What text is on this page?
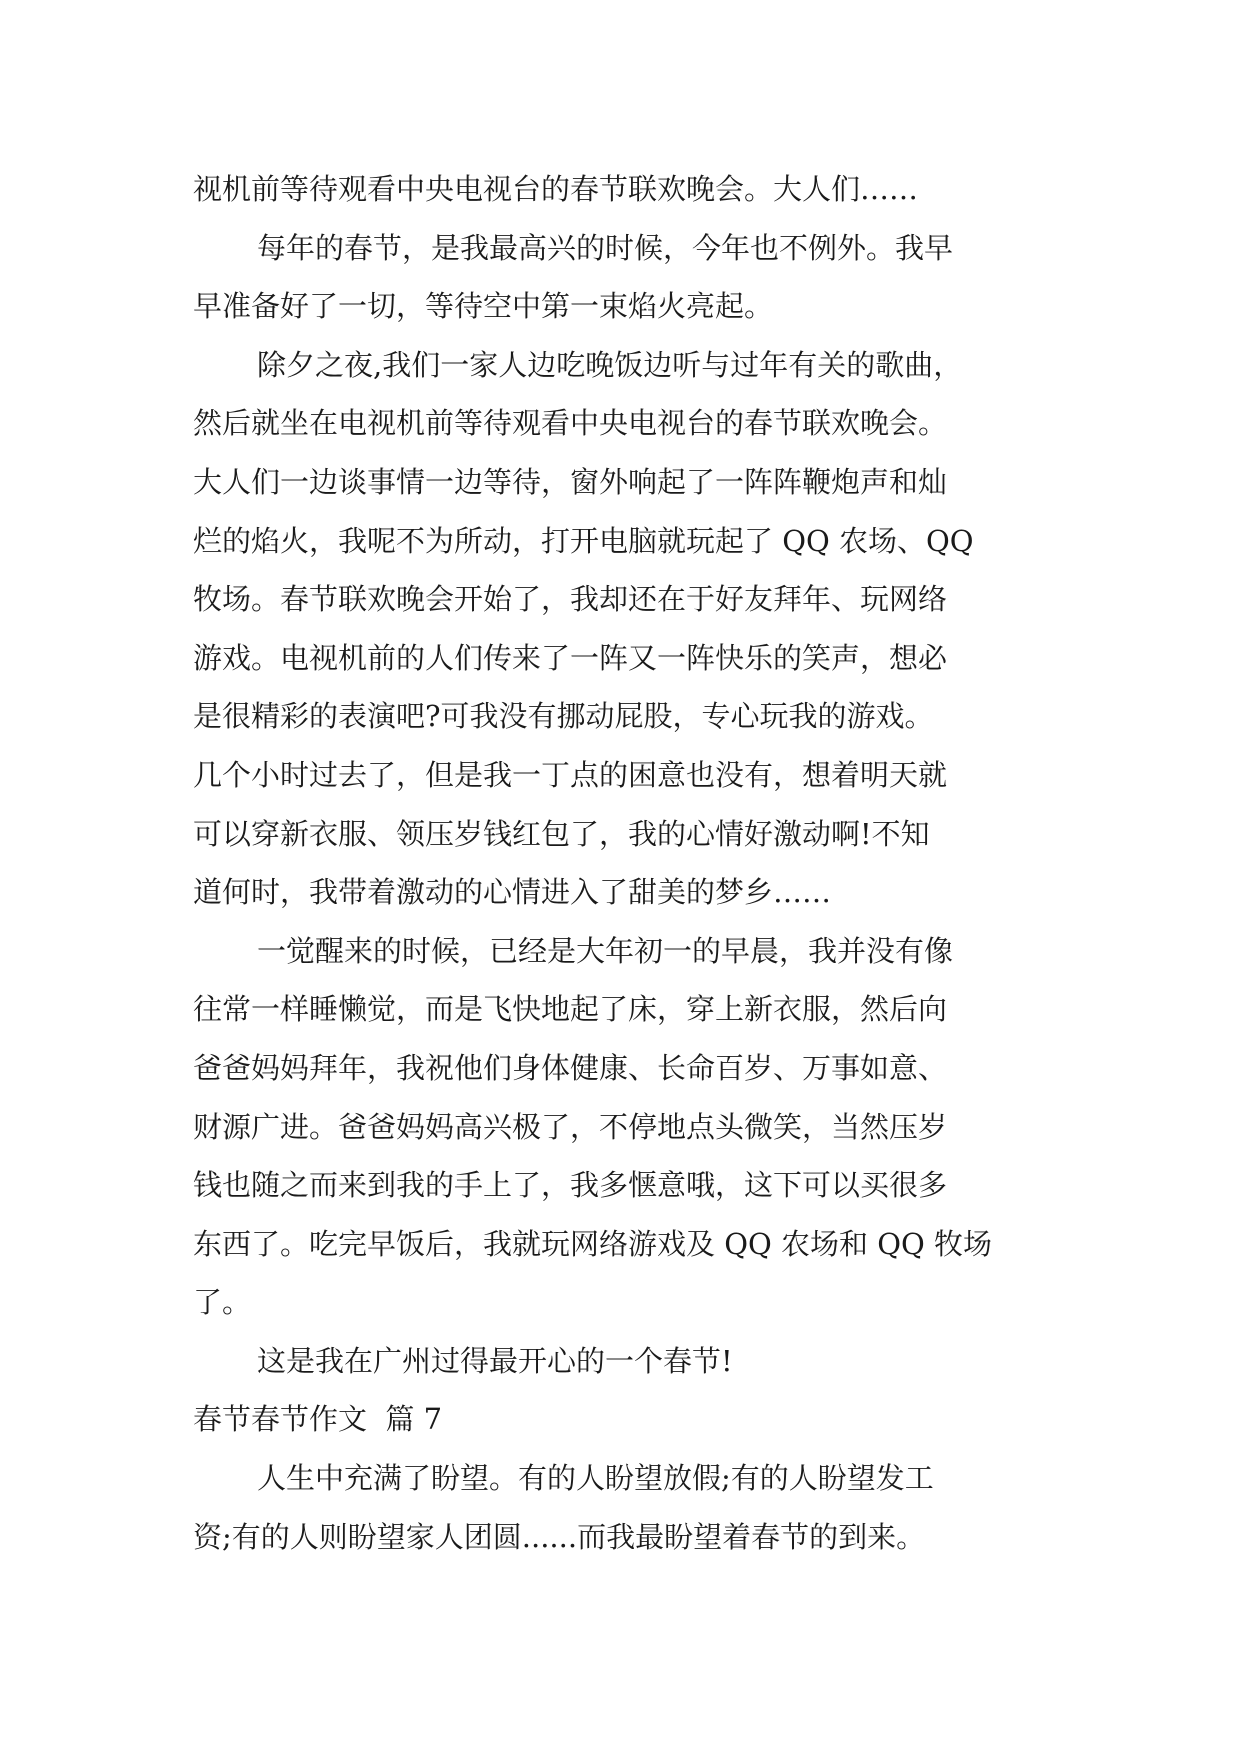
视机前等待观看中央电视台的春节联欢晚会。大人们……
每年的春节，是我最高兴的时候，今年也不例外。我早
早准备好了一切，等待空中第一束焰火亮起。
除夕之夜,我们一家人边吃晚饭边听与过年有关的歌曲，
然后就坐在电视机前等待观看中央电视台的春节联欢晚会。
大人们一边谈事情一边等待，窗外响起了一阵阵鞭炮声和灿
烂的焰火，我呢不为所动，打开电脑就玩起了 QQ 农场、QQ
牧场。春节联欢晚会开始了，我却还在于好友拜年、玩网络
游戏。电视机前的人们传来了一阵又一阵快乐的笑声，想必
是很精彩的表演吧?可我没有挪动屁股，专心玩我的游戏。
几个小时过去了，但是我一丁点的困意也没有，想着明天就
可以穿新衣服、领压岁钱红包了，我的心情好激动啊!不知
道何时，我带着激动的心情进入了甜美的梦乡……
一觉醒来的时候，已经是大年初一的早晨，我并没有像
往常一样睡懒觉，而是飞快地起了床，穿上新衣服，然后向
爸爸妈妈拜年，我祝他们身体健康、长命百岁、万事如意、
财源广进。爸爸妈妈高兴极了，不停地点头微笑，当然压岁
钱也随之而来到我的手上了，我多惬意哦，这下可以买很多
东西了。吃完早饭后，我就玩网络游戏及 QQ 农场和 QQ 牧场
了。
这是我在广州过得最开心的一个春节!
春节春节作文  篇 7
人生中充满了盼望。有的人盼望放假;有的人盼望发工
资;有的人则盼望家人团圆......而我最盼望着春节的到来。
